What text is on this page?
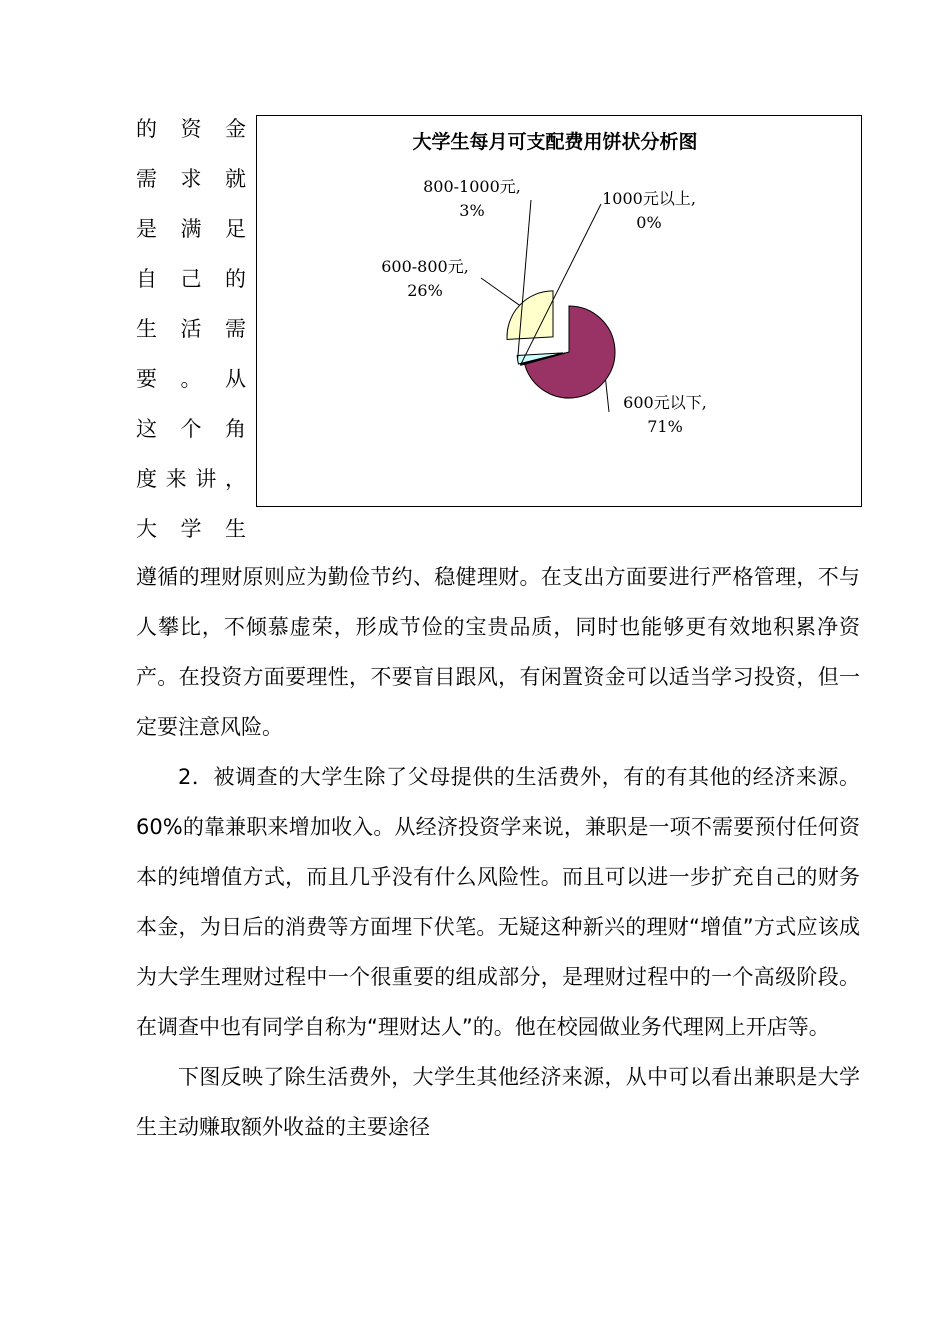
的 资 金
需 求 就
是 满 足
自 己 的
生 活 需
要 。 从
这 个 角
度 来 讲 ，
大 学 生
大学生每月可支配费用饼状分析图
600元以下,
71%
1000元以上,
0%
800-1000元,
3%
600-800元,
26%

遵循的理财原则应为勤俭节约、稳健理财。在支出方面要进行严格管理，不与人攀比，不倾慕虚荣，形成节俭的宝贵品质，同时也能够更有效地积累净资产。在投资方面要理性，不要盲目跟风，有闲置资金可以适当学习投资，但一定要注意风险。

2．被调查的大学生除了父母提供的生活费外，有的有其他的经济来源。60%的靠兼职来增加收入。从经济投资学来说，兼职是一项不需要预付任何资本的纯增值方式，而且几乎没有什么风险性。而且可以进一步扩充自己的财务本金，为日后的消费等方面埋下伏笔。无疑这种新兴的理财“增值”方式应该成为大学生理财过程中一个很重要的组成部分，是理财过程中的一个高级阶段。在调查中也有同学自称为“理财达人”的。他在校园做业务代理网上开店等。

下图反映了除生活费外，大学生其他经济来源，从中可以看出兼职是大学生主动赚取额外收益的主要途径
